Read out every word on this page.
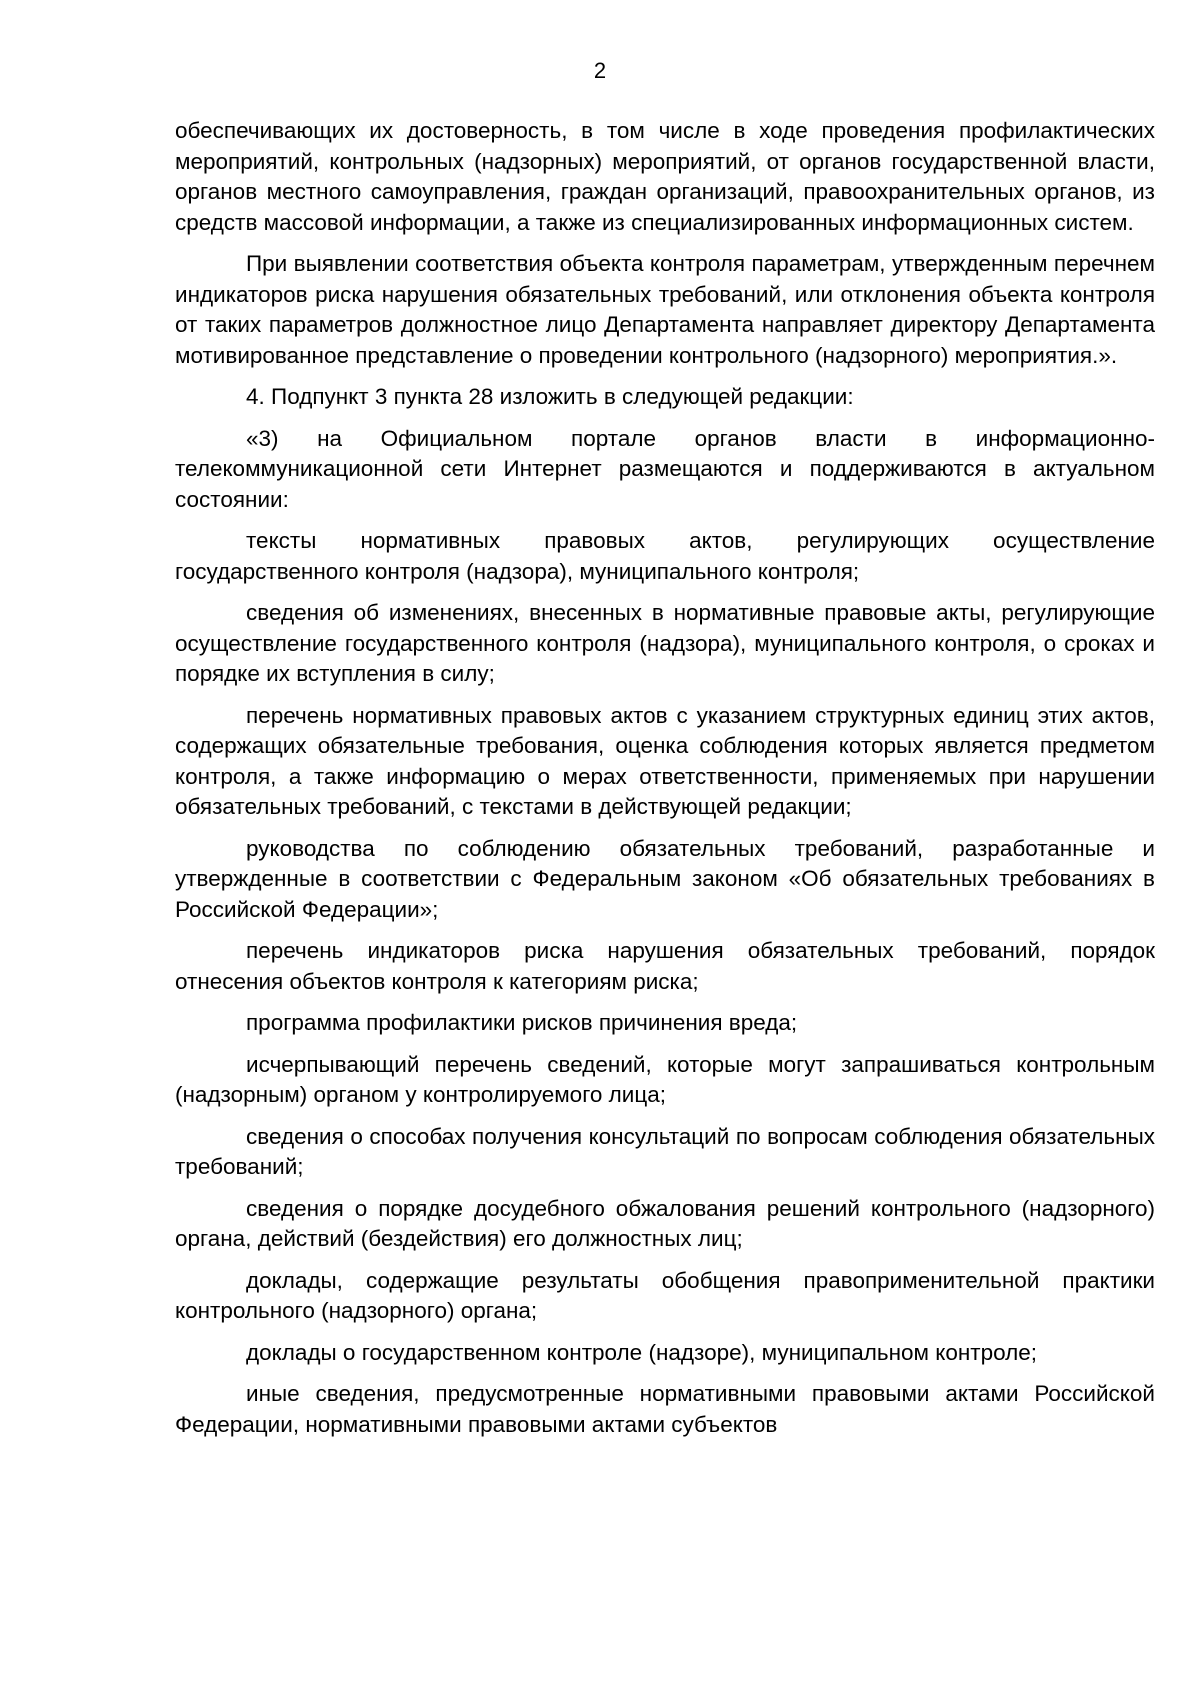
2

обеспечивающих их достоверность, в том числе в ходе проведения профилактических мероприятий, контрольных (надзорных) мероприятий, от органов государственной власти, органов местного самоуправления, граждан организаций, правоохранительных органов, из средств массовой информации, а также из специализированных информационных систем.

При выявлении соответствия объекта контроля параметрам, утвержденным перечнем индикаторов риска нарушения обязательных требований, или отклонения объекта контроля от таких параметров должностное лицо Департамента направляет директору Департамента мотивированное представление о проведении контрольного (надзорного) мероприятия.».

4. Подпункт 3 пункта 28 изложить в следующей редакции:

«3) на Официальном портале органов власти в информационно-телекоммуникационной сети Интернет размещаются и поддерживаются в актуальном состоянии:

тексты нормативных правовых актов, регулирующих осуществление государственного контроля (надзора), муниципального контроля;

сведения об изменениях, внесенных в нормативные правовые акты, регулирующие осуществление государственного контроля (надзора), муниципального контроля, о сроках и порядке их вступления в силу;

перечень нормативных правовых актов с указанием структурных единиц этих актов, содержащих обязательные требования, оценка соблюдения которых является предметом контроля, а также информацию о мерах ответственности, применяемых при нарушении обязательных требований, с текстами в действующей редакции;

руководства по соблюдению обязательных требований, разработанные и утвержденные в соответствии с Федеральным законом «Об обязательных требованиях в Российской Федерации»;

перечень индикаторов риска нарушения обязательных требований, порядок отнесения объектов контроля к категориям риска;

программа профилактики рисков причинения вреда;

исчерпывающий перечень сведений, которые могут запрашиваться контрольным (надзорным) органом у контролируемого лица;

сведения о способах получения консультаций по вопросам соблюдения обязательных требований;

сведения о порядке досудебного обжалования решений контрольного (надзорного) органа, действий (бездействия) его должностных лиц;

доклады, содержащие результаты обобщения правоприменительной практики контрольного (надзорного) органа;

доклады о государственном контроле (надзоре), муниципальном контроле;

иные сведения, предусмотренные нормативными правовыми актами Российской Федерации, нормативными правовыми актами субъектов
